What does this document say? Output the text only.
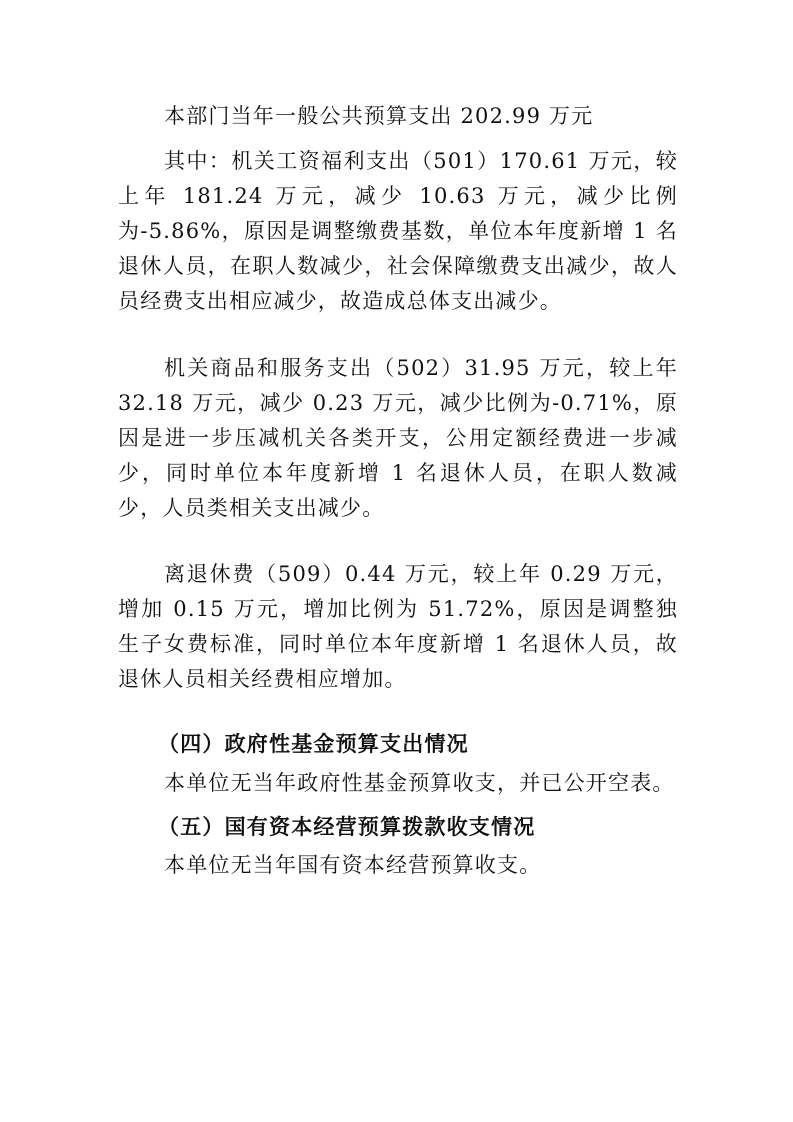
本部门当年一般公共预算支出 202.99 万元

其中：机关工资福利支出（501）170.61 万元，较上年 181.24 万元，减少 10.63 万元，减少比例为-5.86%，原因是调整缴费基数，单位本年度新增 1 名退休人员，在职人数减少，社会保障缴费支出减少，故人员经费支出相应减少，故造成总体支出减少。

机关商品和服务支出（502）31.95 万元，较上年 32.18 万元，减少 0.23 万元，减少比例为-0.71%，原因是进一步压减机关各类开支，公用定额经费进一步减少，同时单位本年度新增 1 名退休人员，在职人数减少，人员类相关支出减少。

离退休费（509）0.44 万元，较上年 0.29 万元，增加 0.15 万元，增加比例为 51.72%，原因是调整独生子女费标准，同时单位本年度新增 1 名退休人员，故退休人员相关经费相应增加。

（四）政府性基金预算支出情况

本单位无当年政府性基金预算收支，并已公开空表。

（五）国有资本经营预算拨款收支情况

本单位无当年国有资本经营预算收支。
